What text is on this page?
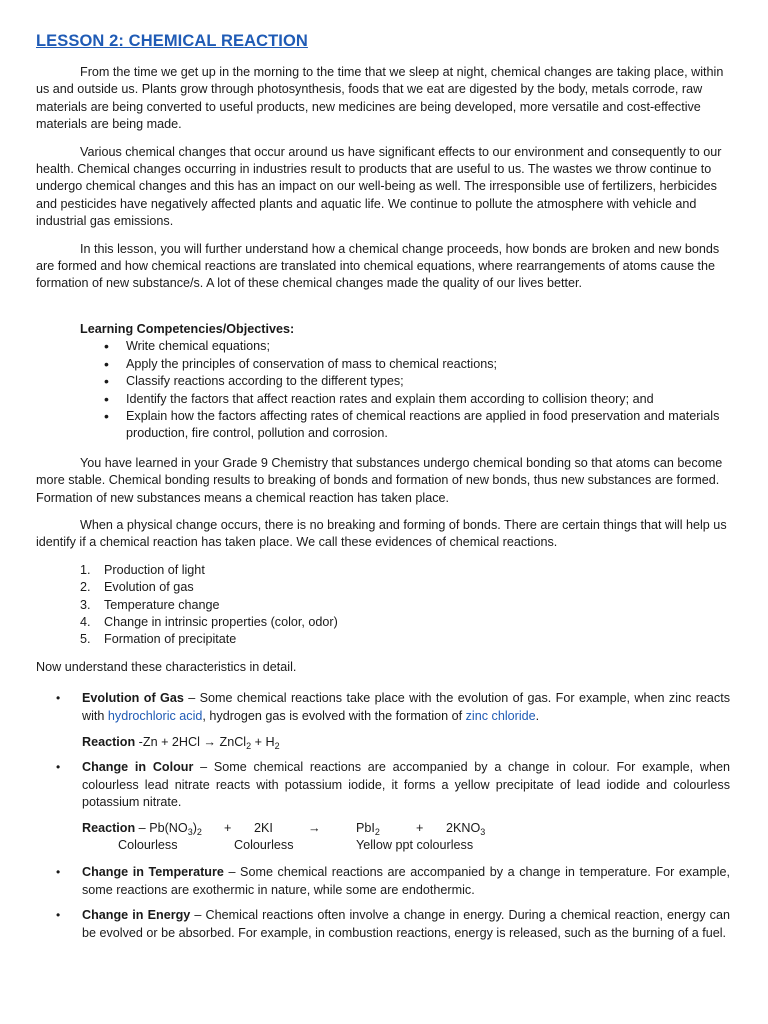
LESSON 2: CHEMICAL REACTION

From the time we get up in the morning to the time that we sleep at night, chemical changes are taking place, within us and outside us. Plants grow through photosynthesis, foods that we eat are digested by the body, metals corrode, raw materials are being converted to useful products, new medicines are being developed, more versatile and cost-effective materials are being made.

Various chemical changes that occur around us have significant effects to our environment and consequently to our health. Chemical changes occurring in industries result to products that are useful to us. The wastes we throw continue to undergo chemical changes and this has an impact on our well-being as well. The irresponsible use of fertilizers, herbicides and pesticides have negatively affected plants and aquatic life. We continue to pollute the atmosphere with vehicle and industrial gas emissions.

In this lesson, you will further understand how a chemical change proceeds, how bonds are broken and new bonds are formed and how chemical reactions are translated into chemical equations, where rearrangements of atoms cause the formation of new substance/s. A lot of these chemical changes made the quality of our lives better.

Learning Competencies/Objectives:
• Write chemical equations;
• Apply the principles of conservation of mass to chemical reactions;
• Classify reactions according to the different types;
• Identify the factors that affect reaction rates and explain them according to collision theory; and
• Explain how the factors affecting rates of chemical reactions are applied in food preservation and materials production, fire control, pollution and corrosion.

You have learned in your Grade 9 Chemistry that substances undergo chemical bonding so that atoms can become more stable. Chemical bonding results to breaking of bonds and formation of new bonds, thus new substances are formed. Formation of new substances means a chemical reaction has taken place.

When a physical change occurs, there is no breaking and forming of bonds. There are certain things that will help us identify if a chemical reaction has taken place. We call these evidences of chemical reactions.

1. Production of light
2. Evolution of gas
3. Temperature change
4. Change in intrinsic properties (color, odor)
5. Formation of precipitate
Now understand these characteristics in detail.
• Evolution of Gas – Some chemical reactions take place with the evolution of gas. For example, when zinc reacts with hydrochloric acid, hydrogen gas is evolved with the formation of zinc chloride.

Reaction -Zn + 2HCl → ZnCl$_2$ + $H_2$
• Change in Colour – Some chemical reactions are accompanied by a change in colour. For example, when colourless lead nitrate reacts with potassium iodide, it forms a yellow precipitate of lead iodide and colourless potassium nitrate.

Reaction – $Pb(NO_3)_2$	+	2KI	→	PbI$_2$	+	$2KNO_3$
Colourless	Colourless			Yellow ppt colourless		
• Change in Temperature – Some chemical reactions are accompanied by a change in temperature. For example, some reactions are exothermic in nature, while some are endothermic.

• Change in Energy – Chemical reactions often involve a change in energy. During a chemical reaction, energy can be evolved or be absorbed. For example, in combustion reactions, energy is released, such as the burning of a fuel.
